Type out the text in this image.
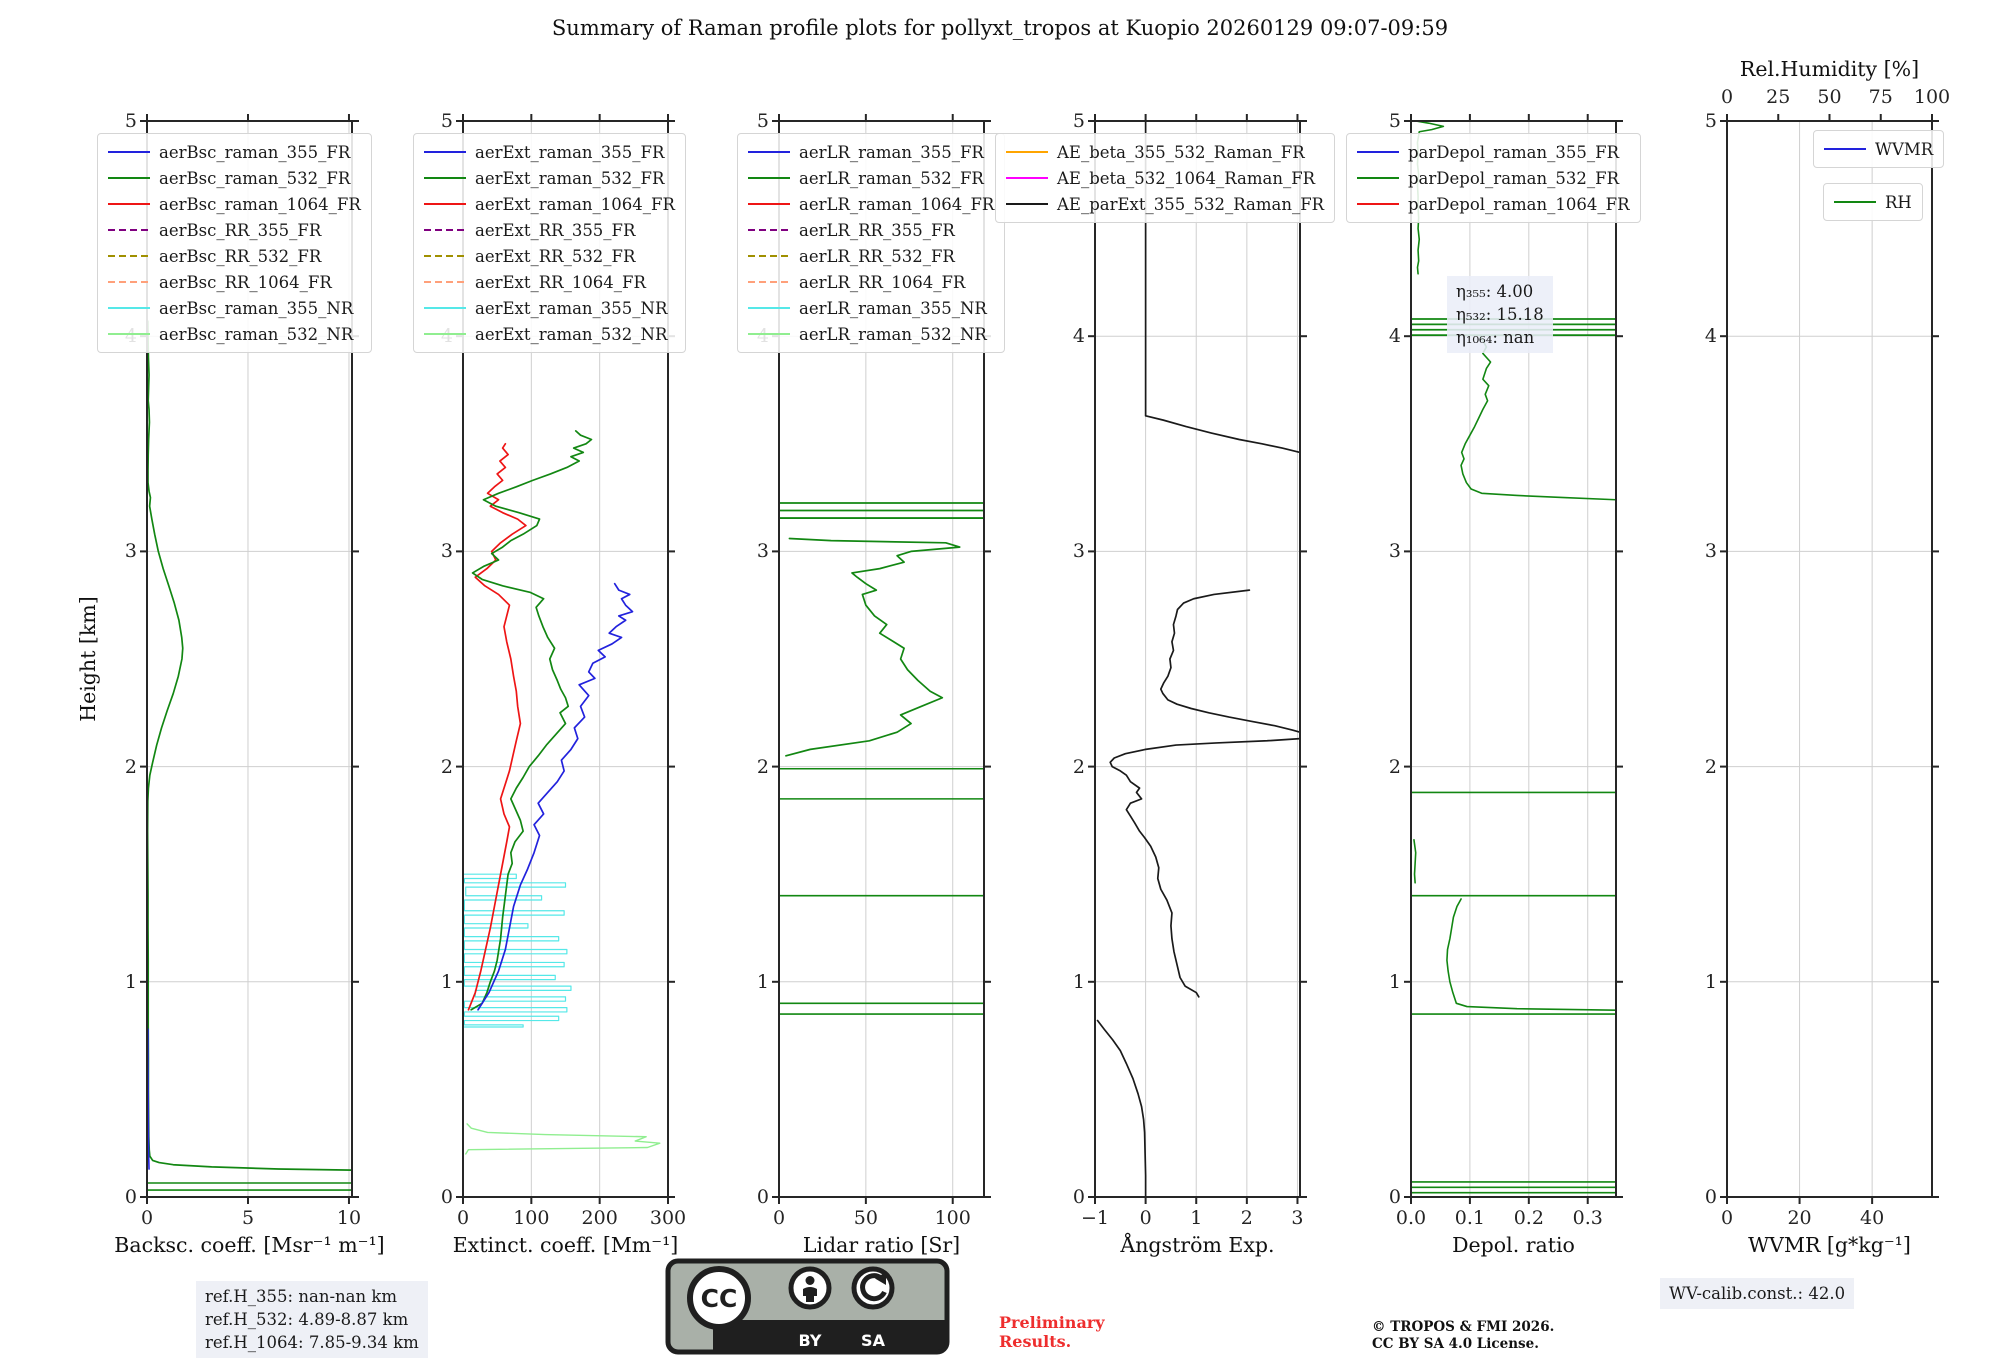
Summary of Raman profile plots for pollyxt_tropos at Kuopio 20260129 09:07-09:59
Height [km]
η₃₅₅: 4.00
η₅₃₂: 15.18
η₁₀₆₄: nan
ref.H_355: nan-nan km
ref.H_532: 4.89-8.87 km
ref.H_1064: 7.85-9.34 km
WV-calib.const.: 42.0
Preliminary
Results.
© TROPOS & FMI 2026.
CC BY SA 4.0 License.
CC
BY SA
0
1
2
3
5
0	5	10
Backsc. coeff. [Msr⁻¹ m⁻¹]
aerBsc_raman_355_FR
aerBsc_raman_532_FR
aerBsc_raman_1064_FR
aerBsc_RR_355_FR
aerBsc_RR_532_FR
aerBsc_RR_1064_FR
aerBsc_raman_355_NR
aerBsc_raman_532_NR
0
1
2
3
5
0	100	200	300
Extinct. coeff. [Mm⁻¹]
aerExt_raman_355_FR
aerExt_raman_532_FR
aerExt_raman_1064_FR
aerExt_RR_355_FR
aerExt_RR_532_FR
aerExt_RR_1064_FR
aerExt_raman_355_NR
aerExt_raman_532_NR
0
1
2
3
5
0	50	100
Lidar ratio [Sr]
aerLR_raman_355_FR
aerLR_raman_532_FR
aerLR_raman_1064_FR
aerLR_RR_355_FR
aerLR_RR_532_FR
aerLR_RR_1064_FR
aerLR_raman_355_NR
aerLR_raman_532_NR
0
1
2
3
4
5
−1	0	1	2	3
Ångström Exp.
AE_beta_355_532_Raman_FR
AE_beta_532_1064_Raman_FR
AE_parExt_355_532_Raman_FR
0
1
2
3
4
5
0.0	0.1	0.2	0.3
Depol. ratio
parDepol_raman_355_FR
parDepol_raman_532_FR
parDepol_raman_1064_FR
0
1
2
3
4
5
0	20	40
0	25	50	75	100
Rel.Humidity [%]
WVMR [g*kg⁻¹]
WVMR
RH
